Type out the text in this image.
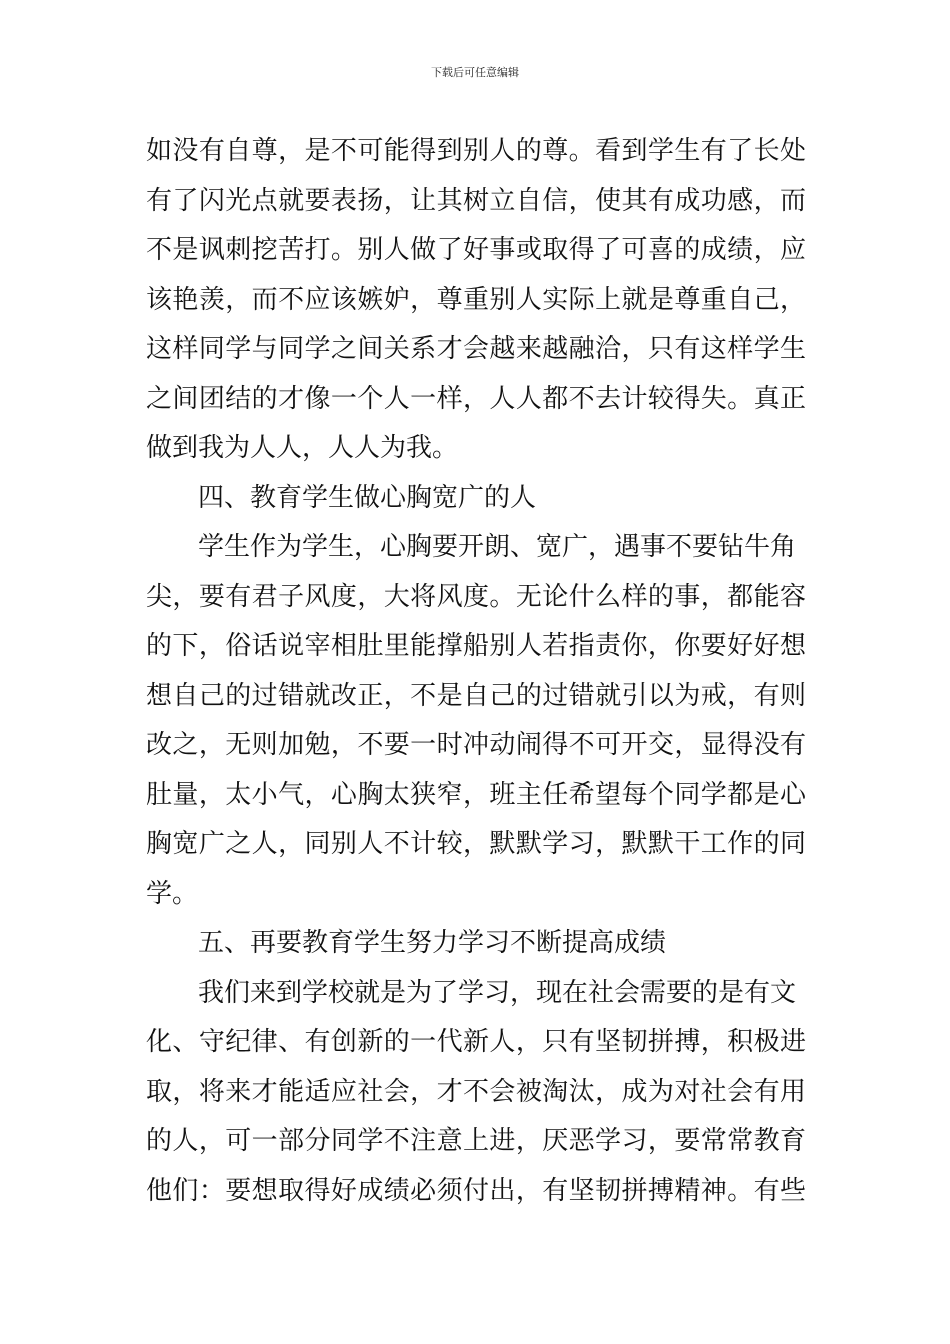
下载后可任意编辑
如没有自尊，是不可能得到别人的尊。看到学生有了长处
有了闪光点就要表扬，让其树立自信，使其有成功感，而
不是讽刺挖苦打。别人做了好事或取得了可喜的成绩，应
该艳羡，而不应该嫉妒，尊重别人实际上就是尊重自己，
这样同学与同学之间关系才会越来越融洽，只有这样学生
之间团结的才像一个人一样，人人都不去计较得失。真正
做到我为人人，人人为我。
四、教育学生做心胸宽广的人
学生作为学生，心胸要开朗、宽广，遇事不要钻牛角
尖，要有君子风度，大将风度。无论什么样的事，都能容
的下，俗话说宰相肚里能撑船别人若指责你，你要好好想
想自己的过错就改正，不是自己的过错就引以为戒，有则
改之，无则加勉，不要一时冲动闹得不可开交，显得没有
肚量，太小气，心胸太狭窄，班主任希望每个同学都是心
胸宽广之人，同别人不计较，默默学习，默默干工作的同
学。
五、再要教育学生努力学习不断提高成绩
我们来到学校就是为了学习，现在社会需要的是有文
化、守纪律、有创新的一代新人，只有坚韧拼搏，积极进
取，将来才能适应社会，才不会被淘汰，成为对社会有用
的人，可一部分同学不注意上进，厌恶学习，要常常教育
他们：要想取得好成绩必须付出，有坚韧拼搏精神。有些
